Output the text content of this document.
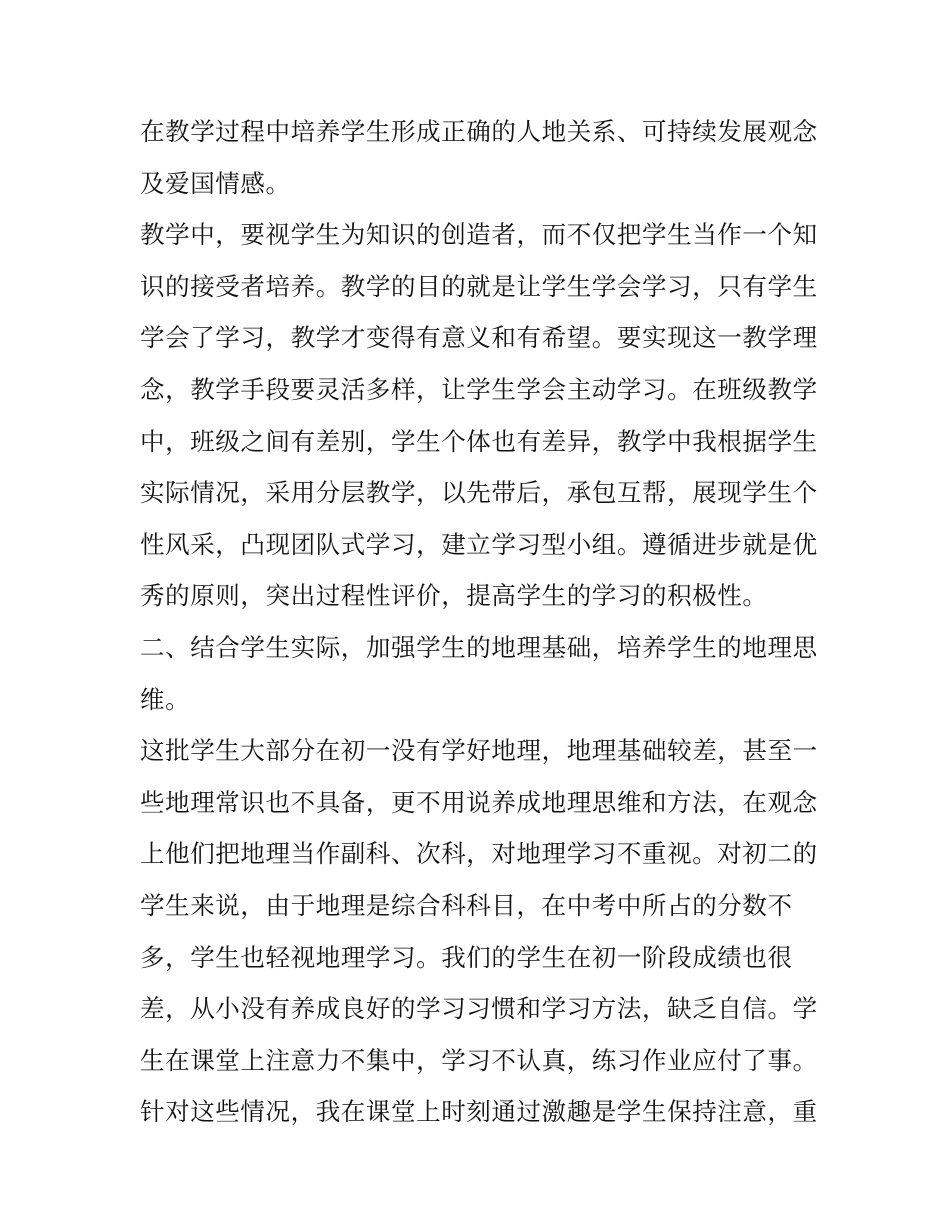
在教学过程中培养学生形成正确的人地关系、可持续发展观念
及爱国情感。
教学中，要视学生为知识的创造者，而不仅把学生当作一个知
识的接受者培养。教学的目的就是让学生学会学习，只有学生
学会了学习，教学才变得有意义和有希望。要实现这一教学理
念，教学手段要灵活多样，让学生学会主动学习。在班级教学
中，班级之间有差别，学生个体也有差异，教学中我根据学生
实际情况，采用分层教学，以先带后，承包互帮，展现学生个
性风采，凸现团队式学习，建立学习型小组。遵循进步就是优
秀的原则，突出过程性评价，提高学生的学习的积极性。
二、结合学生实际，加强学生的地理基础，培养学生的地理思
维。
这批学生大部分在初一没有学好地理，地理基础较差，甚至一
些地理常识也不具备，更不用说养成地理思维和方法，在观念
上他们把地理当作副科、次科，对地理学习不重视。对初二的
学生来说，由于地理是综合科科目，在中考中所占的分数不
多，学生也轻视地理学习。我们的学生在初一阶段成绩也很
差，从小没有养成良好的学习习惯和学习方法，缺乏自信。学
生在课堂上注意力不集中，学习不认真，练习作业应付了事。
针对这些情况，我在课堂上时刻通过激趣是学生保持注意，重
